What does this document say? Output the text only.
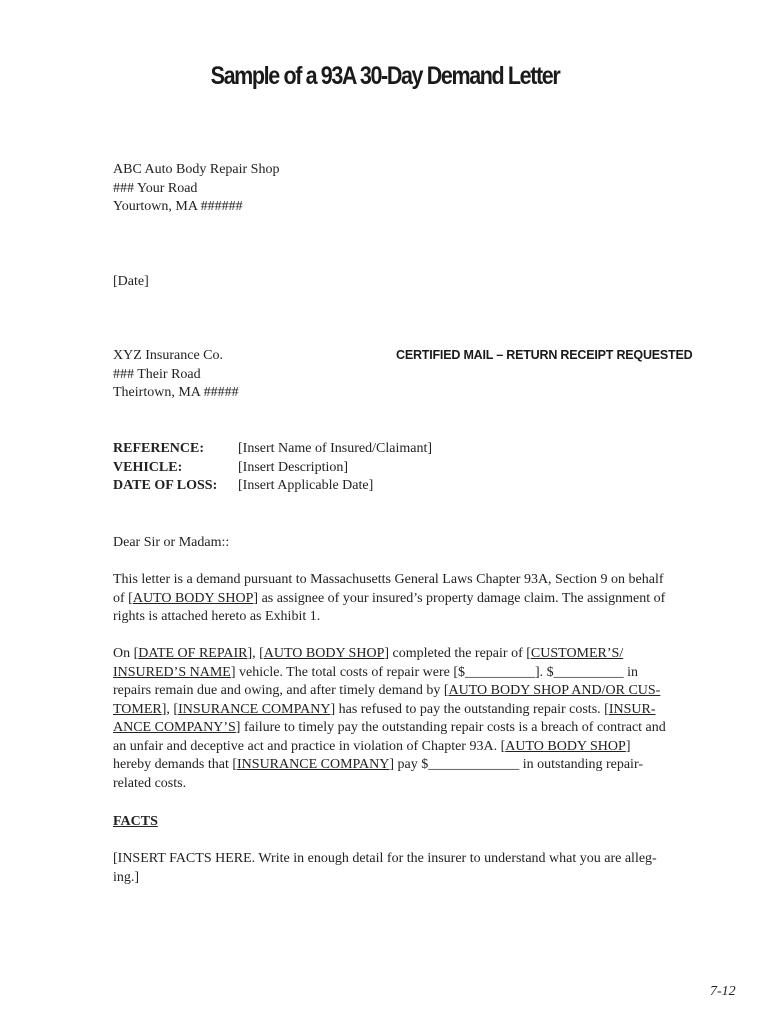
Sample of a 93A 30-Day Demand Letter
ABC Auto Body Repair Shop
### Your Road
Yourtown, MA ######
[Date]
XYZ Insurance Co.
### Their Road
Theirtown, MA #####
CERTIFIED MAIL – RETURN RECEIPT REQUESTED
REFERENCE: [Insert Name of Insured/Claimant]
VEHICLE:	[Insert Description]
DATE OF LOSS: [Insert Applicable Date]
Dear Sir or Madam::
This letter is a demand pursuant to Massachusetts General Laws Chapter 93A, Section 9 on behalf
of [AUTO BODY SHOP] as assignee of your insured’s property damage claim. The assignment of
rights is attached hereto as Exhibit 1.
On [DATE OF REPAIR], [AUTO BODY SHOP] completed the repair of [CUSTOMER’S/
INSURED’S NAME] vehicle. The total costs of repair were [$__________]. $__________ in
repairs remain due and owing, and after timely demand by [AUTO BODY SHOP AND/OR CUS-
TOMER], [INSURANCE COMPANY] has refused to pay the outstanding repair costs. [INSUR-
ANCE COMPANY’S] failure to timely pay the outstanding repair costs is a breach of contract and
an unfair and deceptive act and practice in violation of Chapter 93A. [AUTO BODY SHOP]
hereby demands that [INSURANCE COMPANY] pay $_____________ in outstanding repair-
related costs.
FACTS
[INSERT FACTS HERE. Write in enough detail for the insurer to understand what you are alleg-
ing.]
7-12
